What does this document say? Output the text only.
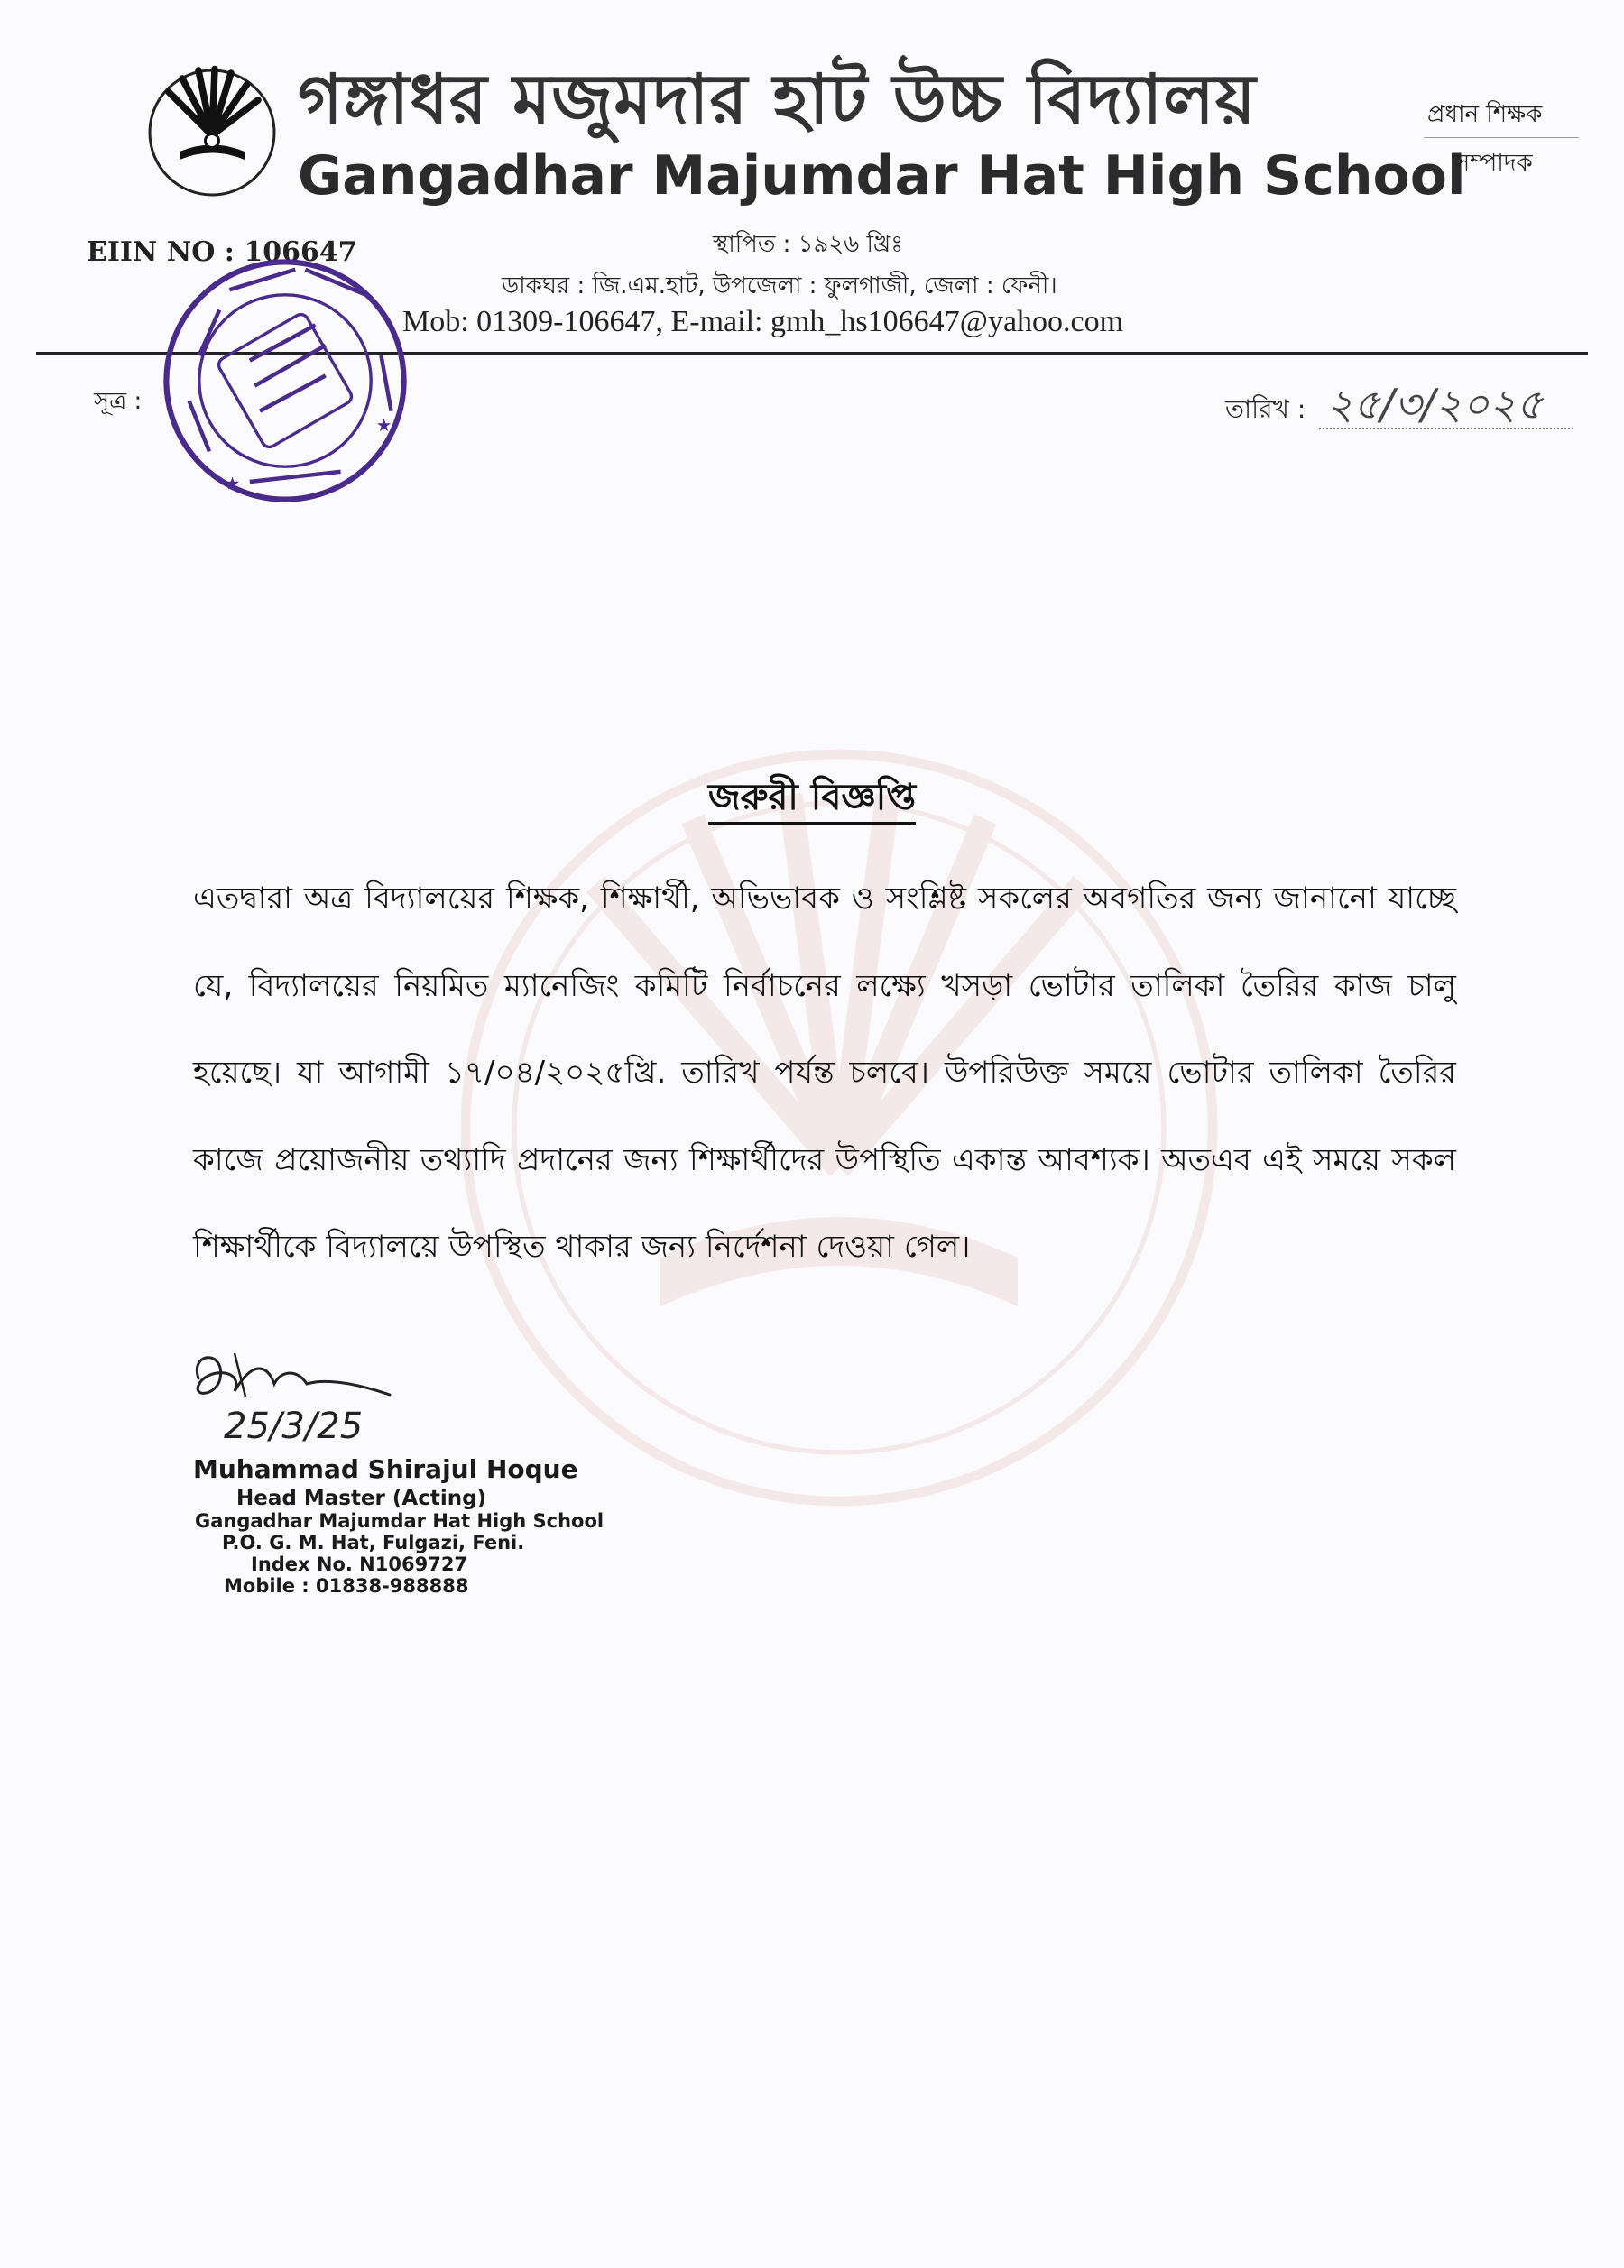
গঙ্গাধর মজুমদার হাট উচ্চ বিদ্যালয়
Gangadhar Majumdar Hat High School
প্রধান শিক্ষক
সম্পাদক
EIIN NO : 106647	স্থাপিত : ১৯২৬ খ্রিঃ
ডাকঘর : জি.এম.হাট, উপজেলা : ফুলগাজী, জেলা : ফেনী।
Mob: 01309-106647, E-mail: gmh_hs106647@yahoo.com
★
★
সূত্র :	তারিখ : ২৫/৩/২০২৫
জরুরী বিজ্ঞপ্তি
এতদ্বারা অত্র বিদ্যালয়ের শিক্ষক, শিক্ষার্থী, অভিভাবক ও সংশ্লিষ্ট সকলের অবগতির জন্য জানানো যাচ্ছে যে, বিদ্যালয়ের নিয়মিত ম্যানেজিং কমিটি নির্বাচনের লক্ষ্যে খসড়া ভোটার তালিকা তৈরির কাজ চালু হয়েছে। যা আগামী ১৭/০৪/২০২৫খ্রি. তারিখ পর্যন্ত চলবে। উপরিউক্ত সময়ে ভোটার তালিকা তৈরির কাজে প্রয়োজনীয় তথ্যাদি প্রদানের জন্য শিক্ষার্থীদের উপস্থিতি একান্ত আবশ্যক। অতএব এই সময়ে সকল শিক্ষার্থীকে বিদ্যালয়ে উপস্থিত থাকার জন্য নির্দেশনা দেওয়া গেল।
25/3/25
Muhammad Shirajul Hoque
Head Master (Acting)
Gangadhar Majumdar Hat High School
P.O. G. M. Hat, Fulgazi, Feni.
Index No. N1069727
Mobile : 01838-988888
